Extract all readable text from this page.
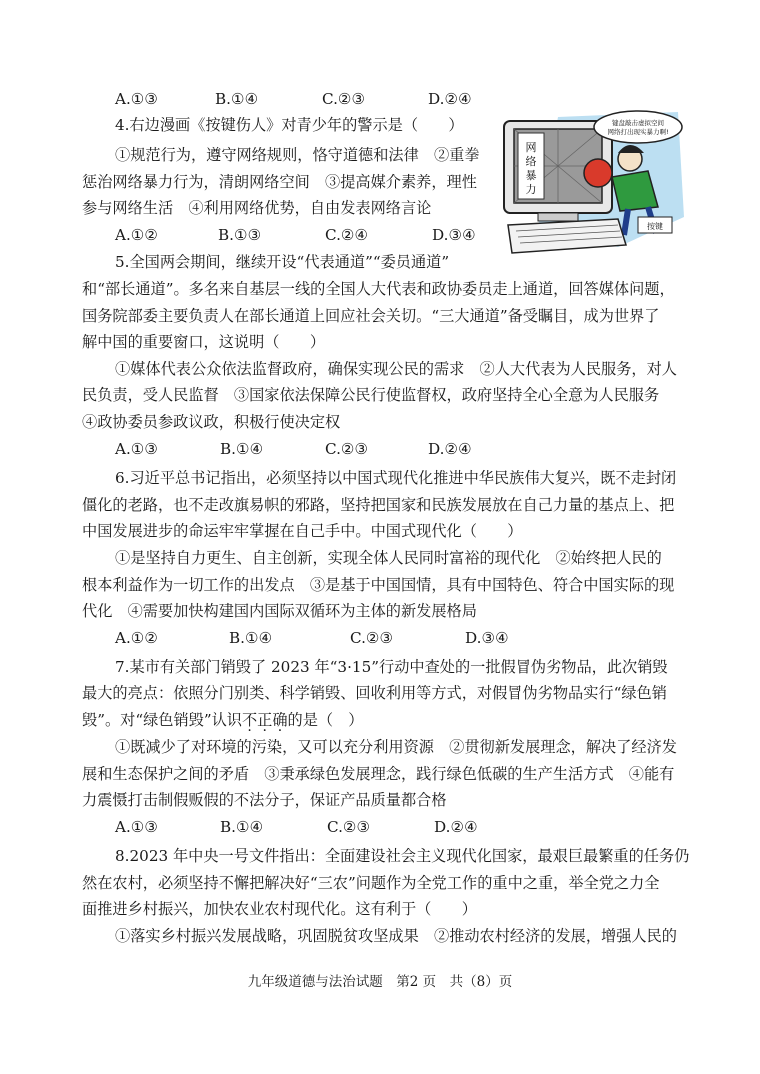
A.①③	B.①④	C.②③	D.②④
4.右边漫画《按键伤人》对青少年的警示是（　　）
①规范行为，遵守网络规则，恪守道德和法律　②重拳
惩治网络暴力行为，清朗网络空间　③提高媒介素养，理性
参与网络生活　④利用网络优势，自由发表网络言论
A.①②	B.①③	C.②④	D.③④
网
络
暴
力
键盘敲击虚拟空间
网络打出现实暴力啊!
按键
5.全国两会期间，继续开设“代表通道”“委员通道”
和“部长通道”。多名来自基层一线的全国人大代表和政协委员走上通道，回答媒体问题，
国务院部委主要负责人在部长通道上回应社会关切。“三大通道”备受瞩目，成为世界了
解中国的重要窗口，这说明（　　）
①媒体代表公众依法监督政府，确保实现公民的需求　②人大代表为人民服务，对人
民负责，受人民监督　③国家依法保障公民行使监督权，政府坚持全心全意为人民服务
④政协委员参政议政，积极行使决定权
A.①③	B.①④	C.②③	D.②④
6.习近平总书记指出，必须坚持以中国式现代化推进中华民族伟大复兴，既不走封闭
僵化的老路，也不走改旗易帜的邪路，坚持把国家和民族发展放在自己力量的基点上、把
中国发展进步的命运牢牢掌握在自己手中。中国式现代化（　　）
①是坚持自力更生、自主创新，实现全体人民同时富裕的现代化　②始终把人民的
根本利益作为一切工作的出发点　③是基于中国国情，具有中国特色、符合中国实际的现
代化　④需要加快构建国内国际双循环为主体的新发展格局
A.①②	B.①④	C.②③	D.③④
7.某市有关部门销毁了 2023 年“3·15”行动中查处的一批假冒伪劣物品，此次销毁
最大的亮点：依照分门别类、科学销毁、回收利用等方式，对假冒伪劣物品实行“绿色销
毁”。对“绿色销毁”认识不正确的是（　）
①既减少了对环境的污染，又可以充分利用资源　②贯彻新发展理念，解决了经济发
展和生态保护之间的矛盾　③秉承绿色发展理念，践行绿色低碳的生产生活方式　④能有
力震慑打击制假贩假的不法分子，保证产品质量都合格
A.①③	B.①④	C.②③	D.②④
8.2023 年中央一号文件指出：全面建设社会主义现代化国家，最艰巨最繁重的任务仍
然在农村，必须坚持不懈把解决好“三农”问题作为全党工作的重中之重，举全党之力全
面推进乡村振兴，加快农业农村现代化。这有利于（　　）
①落实乡村振兴发展战略，巩固脱贫攻坚成果　②推动农村经济的发展，增强人民的
九年级道德与法治试题　第2 页　共（8）页
